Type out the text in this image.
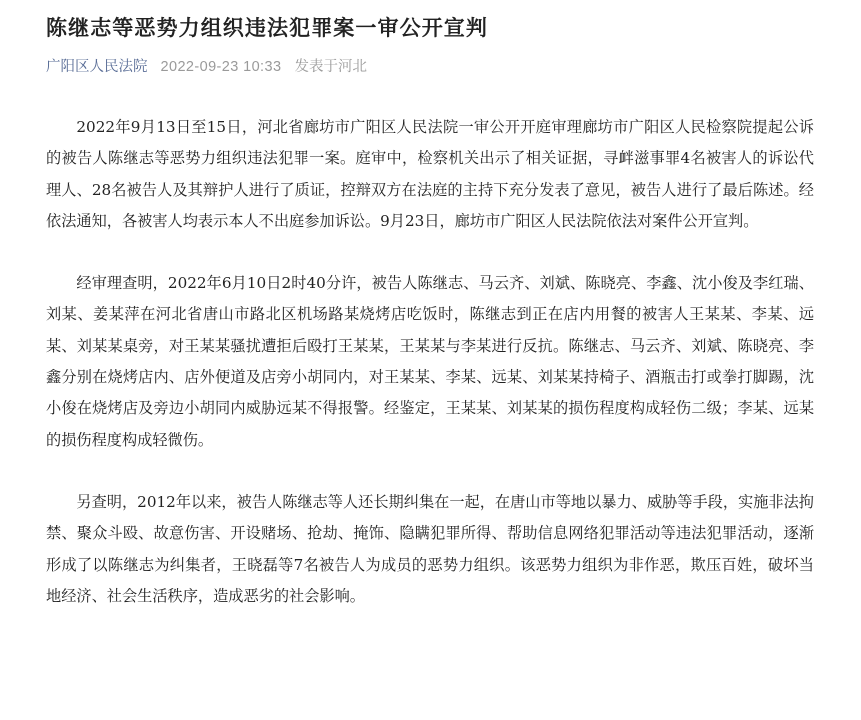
陈继志等恶势力组织违法犯罪案一审公开宣判
广阳区人民法院 2022-09-23 10:33 发表于河北

2022年9月13日至15日，河北省廊坊市广阳区人民法院一审公开开庭审理廊坊市广阳区人民检察院提起公诉的被告人陈继志等恶势力组织违法犯罪一案。庭审中，检察机关出示了相关证据，寻衅滋事罪4名被害人的诉讼代理人、28名被告人及其辩护人进行了质证，控辩双方在法庭的主持下充分发表了意见，被告人进行了最后陈述。经依法通知，各被害人均表示本人不出庭参加诉讼。9月23日，廊坊市广阳区人民法院依法对案件公开宣判。

经审理查明，2022年6月10日2时40分许，被告人陈继志、马云齐、刘斌、陈晓亮、李鑫、沈小俊及李红瑞、刘某、姜某萍在河北省唐山市路北区机场路某烧烤店吃饭时，陈继志到正在店内用餐的被害人王某某、李某、远某、刘某某桌旁，对王某某骚扰遭拒后殴打王某某，王某某与李某进行反抗。陈继志、马云齐、刘斌、陈晓亮、李鑫分别在烧烤店内、店外便道及店旁小胡同内，对王某某、李某、远某、刘某某持椅子、酒瓶击打或拳打脚踢，沈小俊在烧烤店及旁边小胡同内威胁远某不得报警。经鉴定，王某某、刘某某的损伤程度构成轻伤二级；李某、远某的损伤程度构成轻微伤。

另查明，2012年以来，被告人陈继志等人还长期纠集在一起，在唐山市等地以暴力、威胁等手段，实施非法拘禁、聚众斗殴、故意伤害、开设赌场、抢劫、掩饰、隐瞒犯罪所得、帮助信息网络犯罪活动等违法犯罪活动，逐渐形成了以陈继志为纠集者，王晓磊等7名被告人为成员的恶势力组织。该恶势力组织为非作恶，欺压百姓，破坏当地经济、社会生活秩序，造成恶劣的社会影响。
